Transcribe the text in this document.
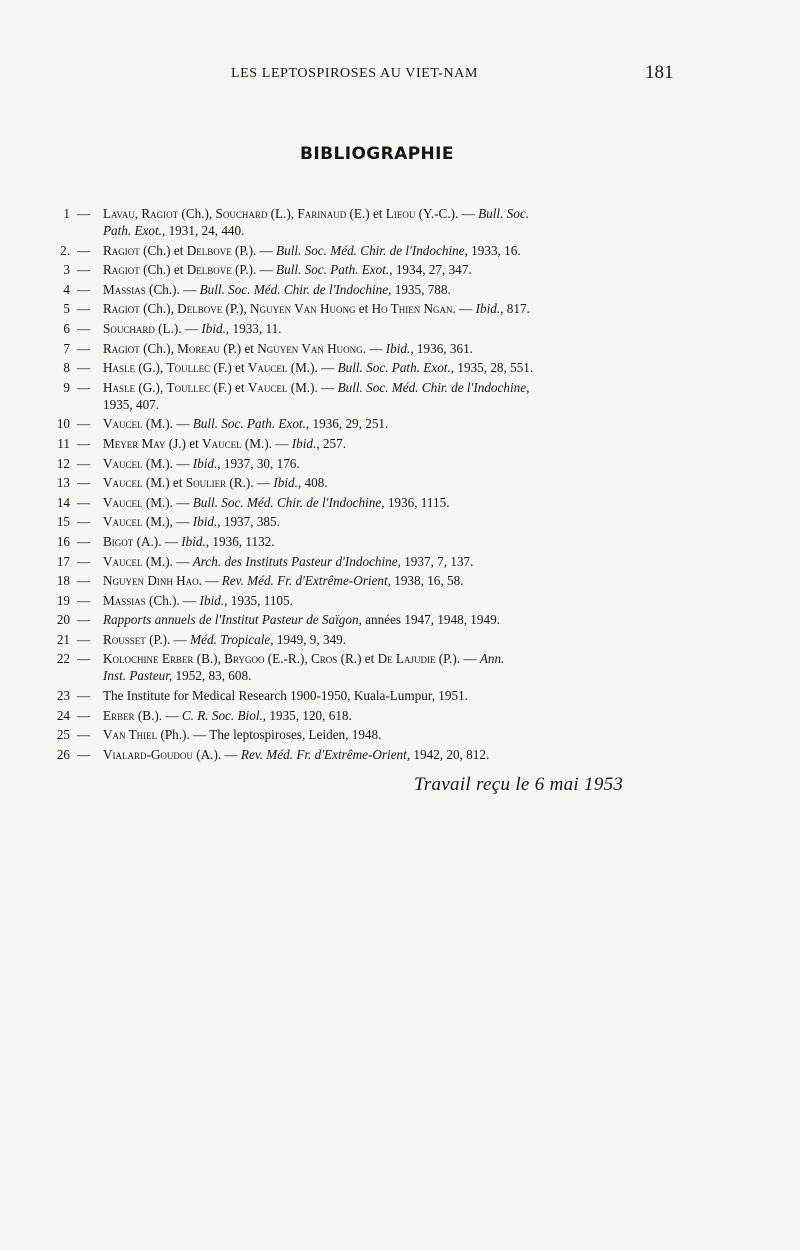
LES LEPTOSPIROSES AU VIET-NAM	181
BIBLIOGRAPHIE
1 — Lavau, Ragiot (Ch.), Souchard (L.), Farinaud (E.) et Lieou (Y.-C.). — Bull. Soc.
Path. Exot., 1931, 24, 440.
2. — Ragiot (Ch.) et Delbove (P.). — Bull. Soc. Méd. Chir. de l'Indochine, 1933, 16.
3 — Ragiot (Ch.) et Delbove (P.). — Bull. Soc. Path. Exot., 1934, 27, 347.
4 — Massias (Ch.). — Bull. Soc. Méd. Chir. de l'Indochine, 1935, 788.
5 — Ragiot (Ch.), Delbove (P.), Nguyen Van Huong et Ho Thien Ngan. — Ibid., 817.
6 — Souchard (L.). — Ibid., 1933, 11.
7 — Ragiot (Ch.), Moreau (P.) et Nguyen Van Huong. — Ibid., 1936, 361.
8 — Hasle (G.), Toullec (F.) et Vaucel (M.). — Bull. Soc. Path. Exot., 1935, 28, 551.
9 — Hasle (G.), Toullec (F.) et Vaucel (M.). — Bull. Soc. Méd. Chir. de l'Indochine,
1935, 407.
10 — Vaucel (M.). — Bull. Soc. Path. Exot., 1936, 29, 251.
11 — Meyer May (J.) et Vaucel (M.). — Ibid., 257.
12 — Vaucel (M.). — Ibid., 1937, 30, 176.
13 — Vaucel (M.) et Soulier (R.). — Ibid., 408.
14 — Vaucel (M.). — Bull. Soc. Méd. Chir. de l'Indochine, 1936, 1115.
15 — Vaucel (M.), — Ibid., 1937, 385.
16 — Bigot (A.). — Ibid., 1936, 1132.
17 — Vaucel (M.). — Arch. des Instituts Pasteur d'Indochine, 1937, 7, 137.
18 — Nguyen Dinh Hao. — Rev. Méd. Fr. d'Extrême-Orient, 1938, 16, 58.
19 — Massias (Ch.). — Ibid., 1935, 1105.
20 — Rapports annuels de l'Institut Pasteur de Saïgon, années 1947, 1948, 1949.
21 — Rousset (P.). — Méd. Tropicale, 1949, 9, 349.
22 — Kolochine Erber (B.), Brygoo (E.-R.), Cros (R.) et De Lajudie (P.). — Ann.
Inst. Pasteur, 1952, 83, 608.
23 — The Institute for Medical Research 1900-1950, Kuala-Lumpur, 1951.
24 — Erber (B.). — C. R. Soc. Biol., 1935, 120, 618.
25 — Van Thiel (Ph.). — The leptospiroses, Leiden, 1948.
26 — Vialard-Goudou (A.). — Rev. Méd. Fr. d'Extrême-Orient, 1942, 20, 812.
Travail reçu le 6 mai 1953
